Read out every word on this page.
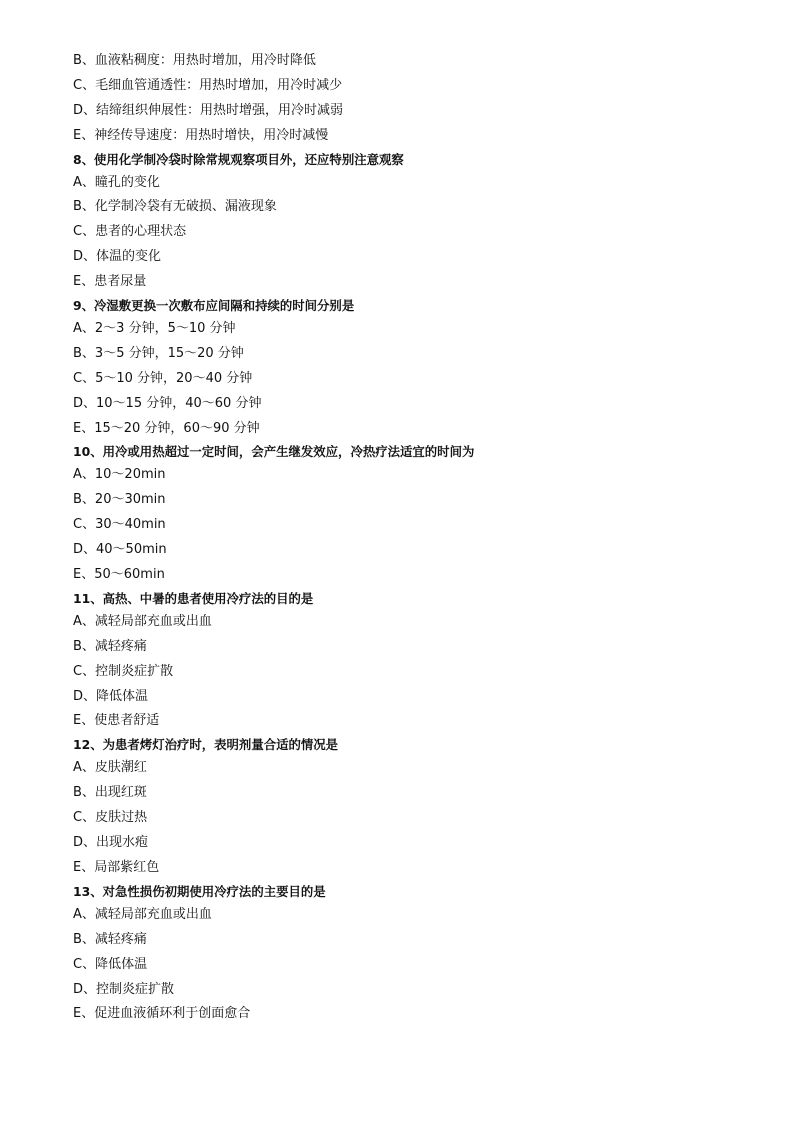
B、血液粘稠度：用热时增加，用冷时降低
C、毛细血管通透性：用热时增加，用冷时减少
D、结缔组织伸展性：用热时增强，用冷时减弱
E、神经传导速度：用热时增快，用冷时减慢
8、使用化学制冷袋时除常规观察项目外，还应特别注意观察
A、瞳孔的变化
B、化学制冷袋有无破损、漏液现象
C、患者的心理状态
D、体温的变化
E、患者尿量
9、冷湿敷更换一次敷布应间隔和持续的时间分别是
A、2～3 分钟，5～10 分钟
B、3～5 分钟，15～20 分钟
C、5～10 分钟，20～40 分钟
D、10～15 分钟，40～60 分钟
E、15～20 分钟，60～90 分钟
10、用冷或用热超过一定时间，会产生继发效应，冷热疗法适宜的时间为
A、10～20min
B、20～30min
C、30～40min
D、40～50min
E、50～60min
11、高热、中暑的患者使用冷疗法的目的是
A、减轻局部充血或出血
B、减轻疼痛
C、控制炎症扩散
D、降低体温
E、使患者舒适
12、为患者烤灯治疗时，表明剂量合适的情况是
A、皮肤潮红
B、出现红斑
C、皮肤过热
D、出现水疱
E、局部紫红色
13、对急性损伤初期使用冷疗法的主要目的是
A、减轻局部充血或出血
B、减轻疼痛
C、降低体温
D、控制炎症扩散
E、促进血液循环利于创面愈合
